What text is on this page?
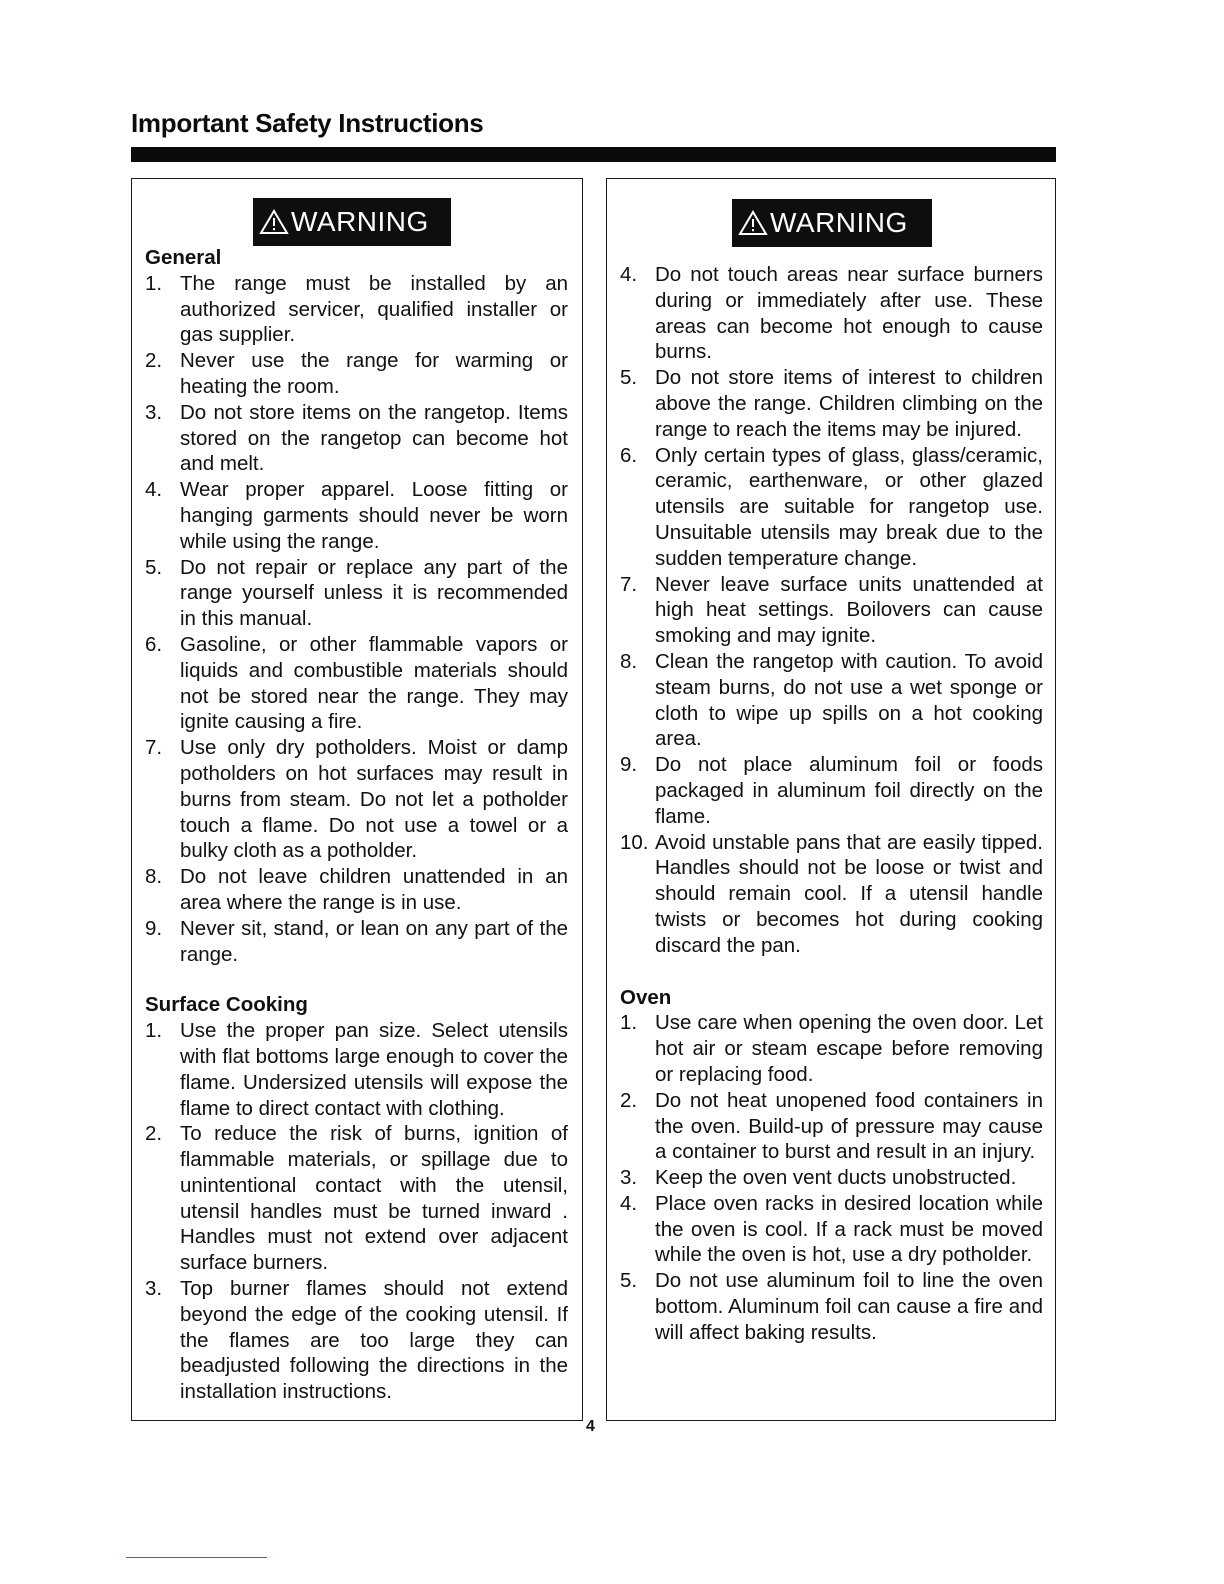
Important Safety Instructions
WARNING

General

1. The range must be installed by an authorized servicer, qualified installer or gas supplier.
2. Never use the range for warming or heating the room.
3. Do not store items on the rangetop. Items stored on the rangetop can become hot and melt.
4. Wear proper apparel. Loose fitting or hanging garments should never be worn while using the range.
5. Do not repair or replace any part of the range yourself unless it is recommended in this manual.
6. Gasoline, or other flammable vapors or liquids and combustible materials should not be stored near the range. They may ignite causing a fire.
7. Use only dry potholders. Moist or damp potholders on hot surfaces may result in burns from steam. Do not let a potholder touch a flame. Do not use a towel or a bulky cloth as a potholder.
8. Do not leave children unattended in an area where the range is in use.
9. Never sit, stand, or lean on any part of the range.

Surface Cooking

1. Use the proper pan size. Select utensils with flat bottoms large enough to cover the flame. Undersized utensils will expose the flame to direct contact with clothing.
2. To reduce the risk of burns, ignition of flammable materials, or spillage due to unintentional contact with the utensil, utensil handles must be turned inward . Handles must not extend over adjacent surface burners.
3. Top burner flames should not extend beyond the edge of the cooking utensil. If the flames are too large they can beadjusted following the directions in the installation instructions.
WARNING
4. Do not touch areas near surface burners during or immediately after use. These areas can become hot enough to cause burns.
5. Do not store items of interest to children above the range. Children climbing on the range to reach the items may be injured.
6. Only certain types of glass, glass/ceramic, ceramic, earthenware, or other glazed utensils are suitable for rangetop use. Unsuitable utensils may break due to the sudden temperature change.
7. Never leave surface units unattended at high heat settings. Boilovers can cause smoking and may ignite.
8. Clean the rangetop with caution. To avoid steam burns, do not use a wet sponge or cloth to wipe up spills on a hot cooking area.
9. Do not place aluminum foil or foods packaged in aluminum foil directly on the flame.
10. Avoid unstable pans that are easily tipped. Handles should not be loose or twist and should remain cool. If a utensil handle twists or becomes hot during cooking discard the pan.

Oven

1. Use care when opening the oven door. Let hot air or steam escape before removing or replacing food.
2. Do not heat unopened food containers in the oven. Build-up of pressure may cause a container to burst and result in an injury.
3. Keep the oven vent ducts unobstructed.
4. Place oven racks in desired location while the oven is cool. If a rack must be moved while the oven is hot, use a dry potholder.
5. Do not use aluminum foil to line the oven bottom. Aluminum foil can cause a fire and will affect baking results.
4
